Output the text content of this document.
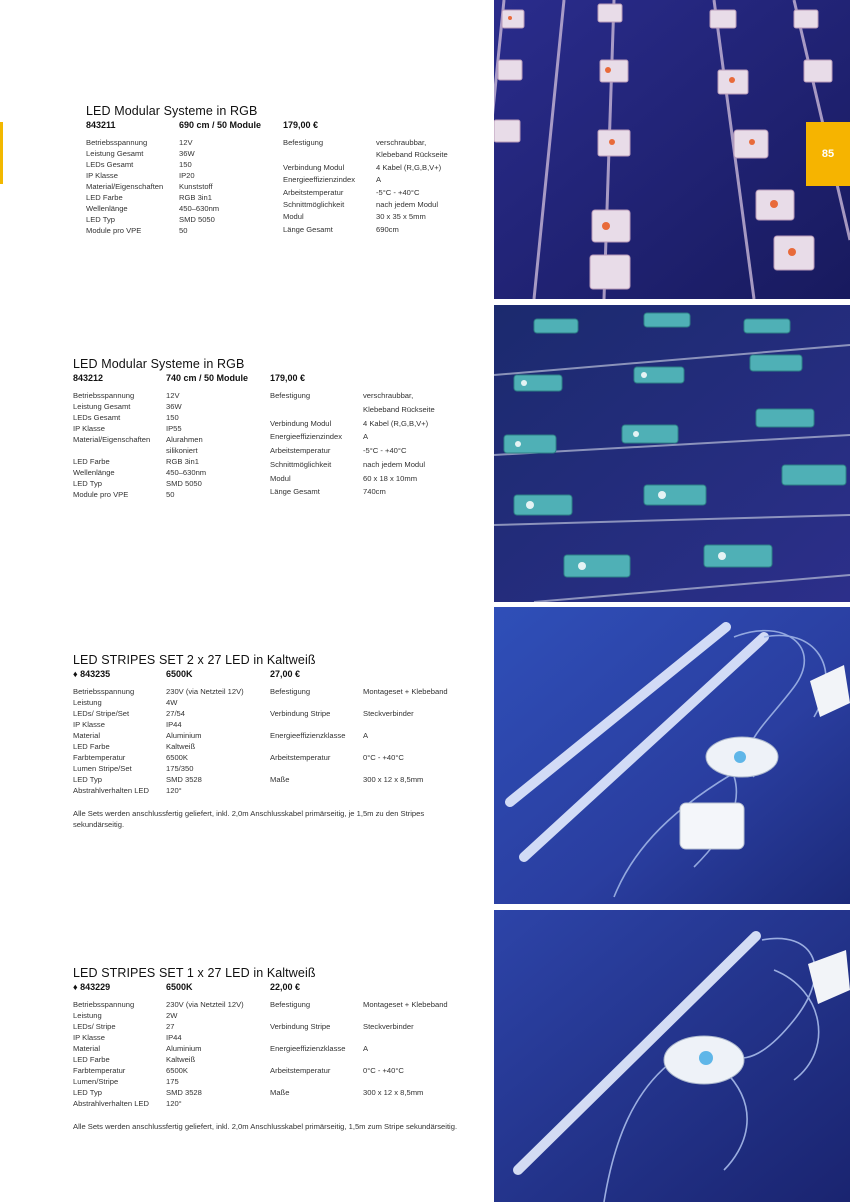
LED Modular Systeme in RGB
843211	690 cm / 50 Module	179,00 €
Betriebsspannung	12V
Leistung Gesamt	36W
LEDs Gesamt	150
IP Klasse	IP20
Material/Eigenschaften	Kunststoff
LED Farbe	RGB 3in1
Wellenlänge	450–630nm
LED Typ	SMD 5050
Module pro VPE	50
Befestigung	verschraubbar,
Klebeband Rückseite
Verbindung Modul	4 Kabel (R,G,B,V+)
Energieeffizienzindex	A
Arbeitstemperatur	-5°C - +40°C
Schnittmöglichkeit	nach jedem Modul
Modul	30 x 35 x 5mm
Länge Gesamt	690cm
LED Modular Systeme in RGB
843212	740 cm / 50 Module	179,00 €
Betriebsspannung	12V
Leistung Gesamt	36W
LEDs Gesamt	150
IP Klasse	IP55
Material/Eigenschaften	Alurahmen
silikoniert
LED Farbe	RGB 3in1
Wellenlänge	450–630nm
LED Typ	SMD 5050
Module pro VPE	50
Befestigung	verschraubbar,
Klebeband Rückseite
Verbindung Modul	4 Kabel (R,G,B,V+)
Energieeffizienzindex	A
Arbeitstemperatur	-5°C - +40°C
Schnittmöglichkeit	nach jedem Modul
Modul	60 x 18 x 10mm
Länge Gesamt	740cm
LED STRIPES SET 2 x 27 LED in Kaltweiß
♦ 843235	6500K	27,00 €
Betriebsspannung	230V (via Netzteil 12V)
Leistung	4W
LEDs/ Stripe/Set	27/54
IP Klasse	IP44
Material	Aluminium
LED Farbe	Kaltweiß
Farbtemperatur	6500K
Lumen Stripe/Set	175/350
LED Typ	SMD 3528
Abstrahlverhalten LED	120°
Befestigung	Montageset + Klebeband
Verbindung Stripe	Steckverbinder
Energieeffizienzklasse	A
Arbeitstemperatur	0°C - +40°C
Maße	300 x 12 x 8,5mm
Alle Sets werden anschlussfertig geliefert, inkl. 2,0m Anschlusskabel primärseitig, je 1,5m zu den Stripes sekundärseitig.
LED STRIPES SET 1 x 27 LED in Kaltweiß
♦ 843229	6500K	22,00 €
Betriebsspannung	230V (via Netzteil 12V)
Leistung	2W
LEDs/ Stripe	27
IP Klasse	IP44
Material	Aluminium
LED Farbe	Kaltweiß
Farbtemperatur	6500K
Lumen/Stripe	175
LED Typ	SMD 3528
Abstrahlverhalten LED	120°
Befestigung	Montageset + Klebeband
Verbindung Stripe	Steckverbinder
Energieeffizienzklasse	A
Arbeitstemperatur	0°C - +40°C
Maße	300 x 12 x 8,5mm
Alle Sets werden anschlussfertig geliefert, inkl. 2,0m Anschlusskabel primärseitig, 1,5m zum Stripe sekundärseitig.
85
